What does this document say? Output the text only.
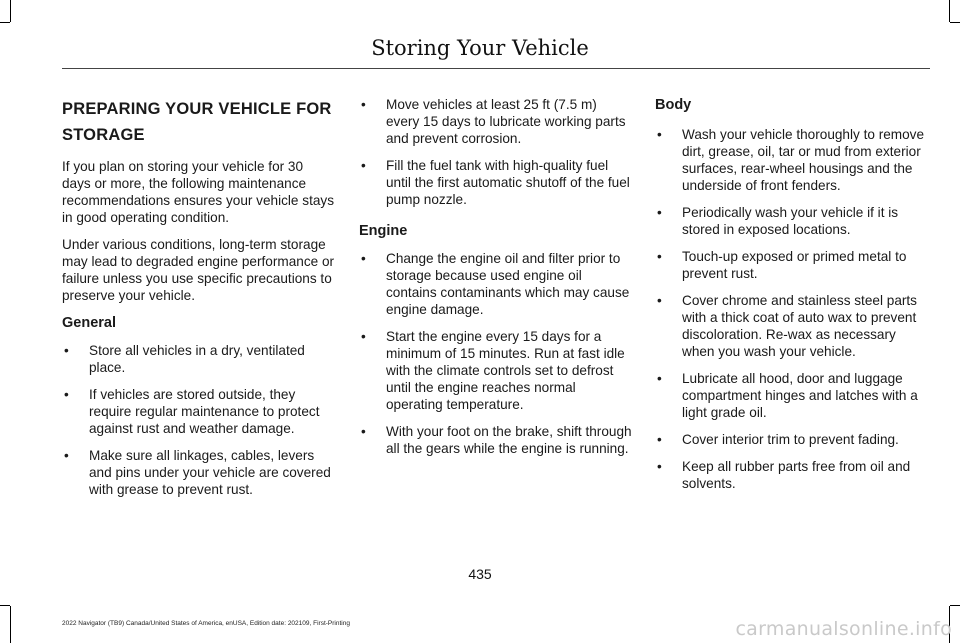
Storing Your Vehicle
PREPARING YOUR VEHICLE FOR
STORAGE

If you plan on storing your vehicle for 30 days or more, the following maintenance recommendations ensures your vehicle stays in good operating condition.

Under various conditions, long-term storage may lead to degraded engine performance or failure unless you use specific precautions to preserve your vehicle.

General
• Store all vehicles in a dry, ventilated place.
• If vehicles are stored outside, they require regular maintenance to protect against rust and weather damage.
• Make sure all linkages, cables, levers and pins under your vehicle are covered with grease to prevent rust.
• Move vehicles at least 25 ft (7.5 m) every 15 days to lubricate working parts and prevent corrosion.
• Fill the fuel tank with high-quality fuel until the first automatic shutoff of the fuel pump nozzle.
Engine
• Change the engine oil and filter prior to storage because used engine oil contains contaminants which may cause engine damage.
• Start the engine every 15 days for a minimum of 15 minutes. Run at fast idle with the climate controls set to defrost until the engine reaches normal operating temperature.
• With your foot on the brake, shift through all the gears while the engine is running.
Body
• Wash your vehicle thoroughly to remove dirt, grease, oil, tar or mud from exterior surfaces, rear-wheel housings and the underside of front fenders.
• Periodically wash your vehicle if it is stored in exposed locations.
• Touch-up exposed or primed metal to prevent rust.
• Cover chrome and stainless steel parts with a thick coat of auto wax to prevent discoloration. Re-wax as necessary when you wash your vehicle.
• Lubricate all hood, door and luggage compartment hinges and latches with a light grade oil.
• Cover interior trim to prevent fading.
• Keep all rubber parts free from oil and solvents.
435
2022 Navigator (TB9) Canada/United States of America, enUSA, Edition date: 202109, First-Printing	carmanualsonline.info
